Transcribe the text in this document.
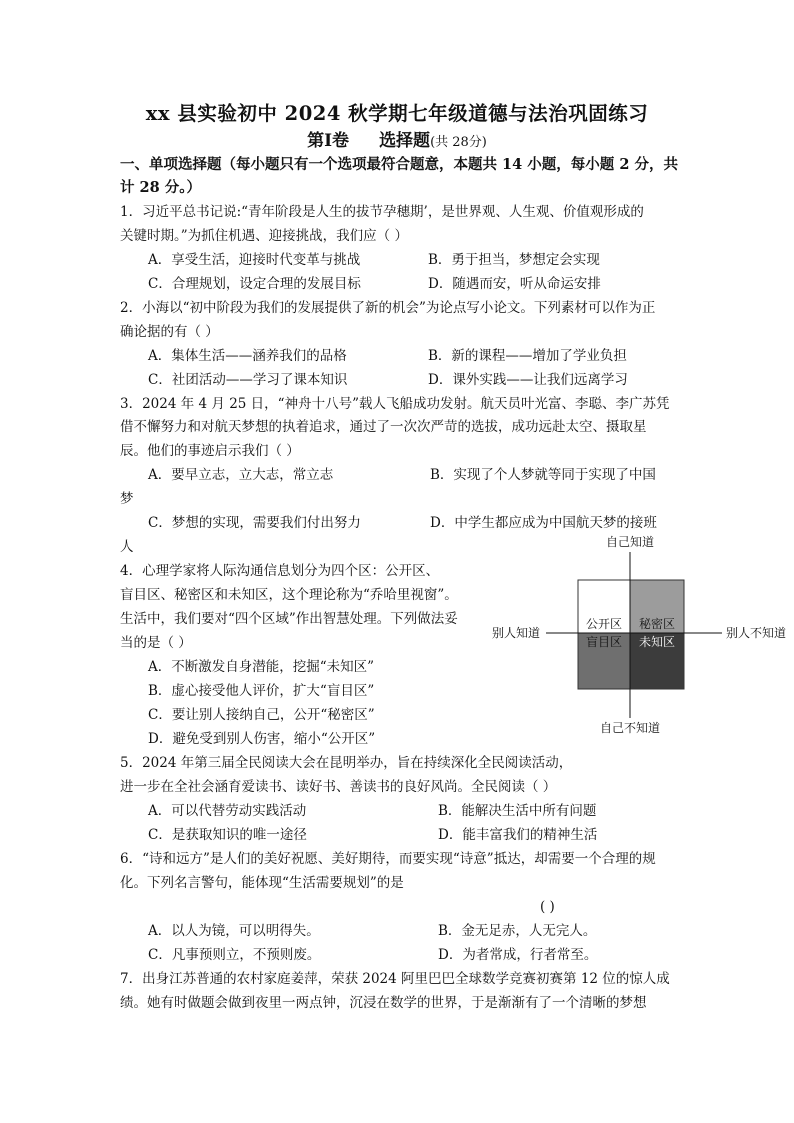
xx 县实验初中 2024 秋学期七年级道德与法治巩固练习
第Ⅰ卷 选择题(共 28分)
一、单项选择题（每小题只有一个选项最符合题意，本题共 14 小题，每小题 2 分，共
计 28 分。）
1．习近平总书记说:“青年阶段是人生的拔节孕穗期’，是世界观、人生观、价值观形成的
关键时期。”为抓住机遇、迎接挑战，我们应（ ）
A．享受生活，迎接时代变革与挑战	B．勇于担当，梦想定会实现
C．合理规划，设定合理的发展目标	D．随遇而安，听从命运安排
2．小海以“初中阶段为我们的发展提供了新的机会”为论点写小论文。下列素材可以作为正
确论据的有（ ）
A．集体生活——涵养我们的品格	B．新的课程——增加了学业负担
C．社团活动——学习了课本知识	D．课外实践——让我们远离学习
3．2024 年 4 月 25 日，“神舟十八号”载人飞船成功发射。航天员叶光富、李聪、李广苏凭
借不懈努力和对航天梦想的执着追求，通过了一次次严苛的选拔，成功远赴太空、摄取星
辰。他们的事迹启示我们（ ）
A．要早立志，立大志，常立志	B．实现了个人梦就等同于实现了中国
梦
C．梦想的实现，需要我们付出努力	D．中学生都应成为中国航天梦的接班
人
4．心理学家将人际沟通信息划分为四个区：公开区、
盲目区、秘密区和未知区，这个理论称为“乔哈里视窗”。
生活中，我们要对“四个区域”作出智慧处理。下列做法妥
当的是（ ）
A．不断激发自身潜能，挖掘“未知区”
B．虚心接受他人评价，扩大“盲目区”
C．要让别人接纳自己，公开“秘密区”
D．避免受到别人伤害，缩小“公开区”
自己知道
自己不知道
别人知道	别人不知道
公开区 秘密区
盲目区 未知区
5．2024 年第三届全民阅读大会在昆明举办，旨在持续深化全民阅读活动，
进一步在全社会涵育爱读书、读好书、善读书的良好风尚。全民阅读（ ）
A．可以代替劳动实践活动	B．能解决生活中所有问题
C．是获取知识的唯一途径	D．能丰富我们的精神生活
6．“诗和远方”是人们的美好祝愿、美好期待，而要实现“诗意”抵达，却需要一个合理的规
化。下列名言警句，能体现“生活需要规划”的是
( )
A．以人为镜，可以明得失。	B．金无足赤，人无完人。
C．凡事预则立，不预则废。	D．为者常成，行者常至。
7．出身江苏普通的农村家庭姜萍，荣获 2024 阿里巴巴全球数学竞赛初赛第 12 位的惊人成
绩。她有时做题会做到夜里一两点钟，沉浸在数学的世界，于是渐渐有了一个清晰的梦想
